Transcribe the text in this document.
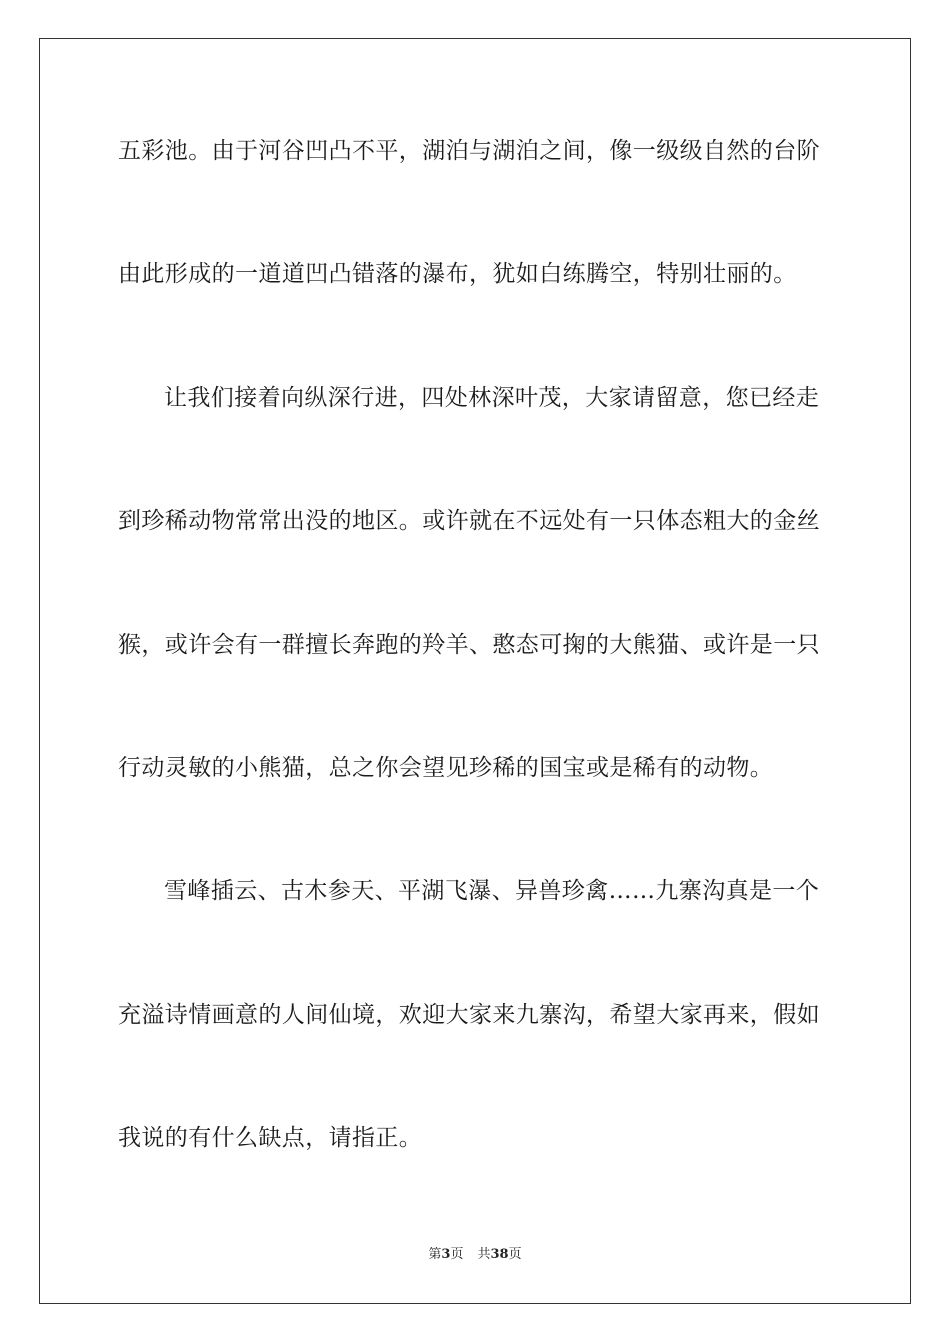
五彩池。由于河谷凹凸不平，湖泊与湖泊之间，像一级级自然的台阶
由此形成的一道道凹凸错落的瀑布，犹如白练腾空，特别壮丽的。
让我们接着向纵深行进，四处林深叶茂，大家请留意，您已经走
到珍稀动物常常出没的地区。或许就在不远处有一只体态粗大的金丝
猴，或许会有一群擅长奔跑的羚羊、憨态可掬的大熊猫、或许是一只
行动灵敏的小熊猫，总之你会望见珍稀的国宝或是稀有的动物。
雪峰插云、古木参天、平湖飞瀑、异兽珍禽……九寨沟真是一个
充溢诗情画意的人间仙境，欢迎大家来九寨沟，希望大家再来，假如
我说的有什么缺点，请指正。
第3页 共38页
